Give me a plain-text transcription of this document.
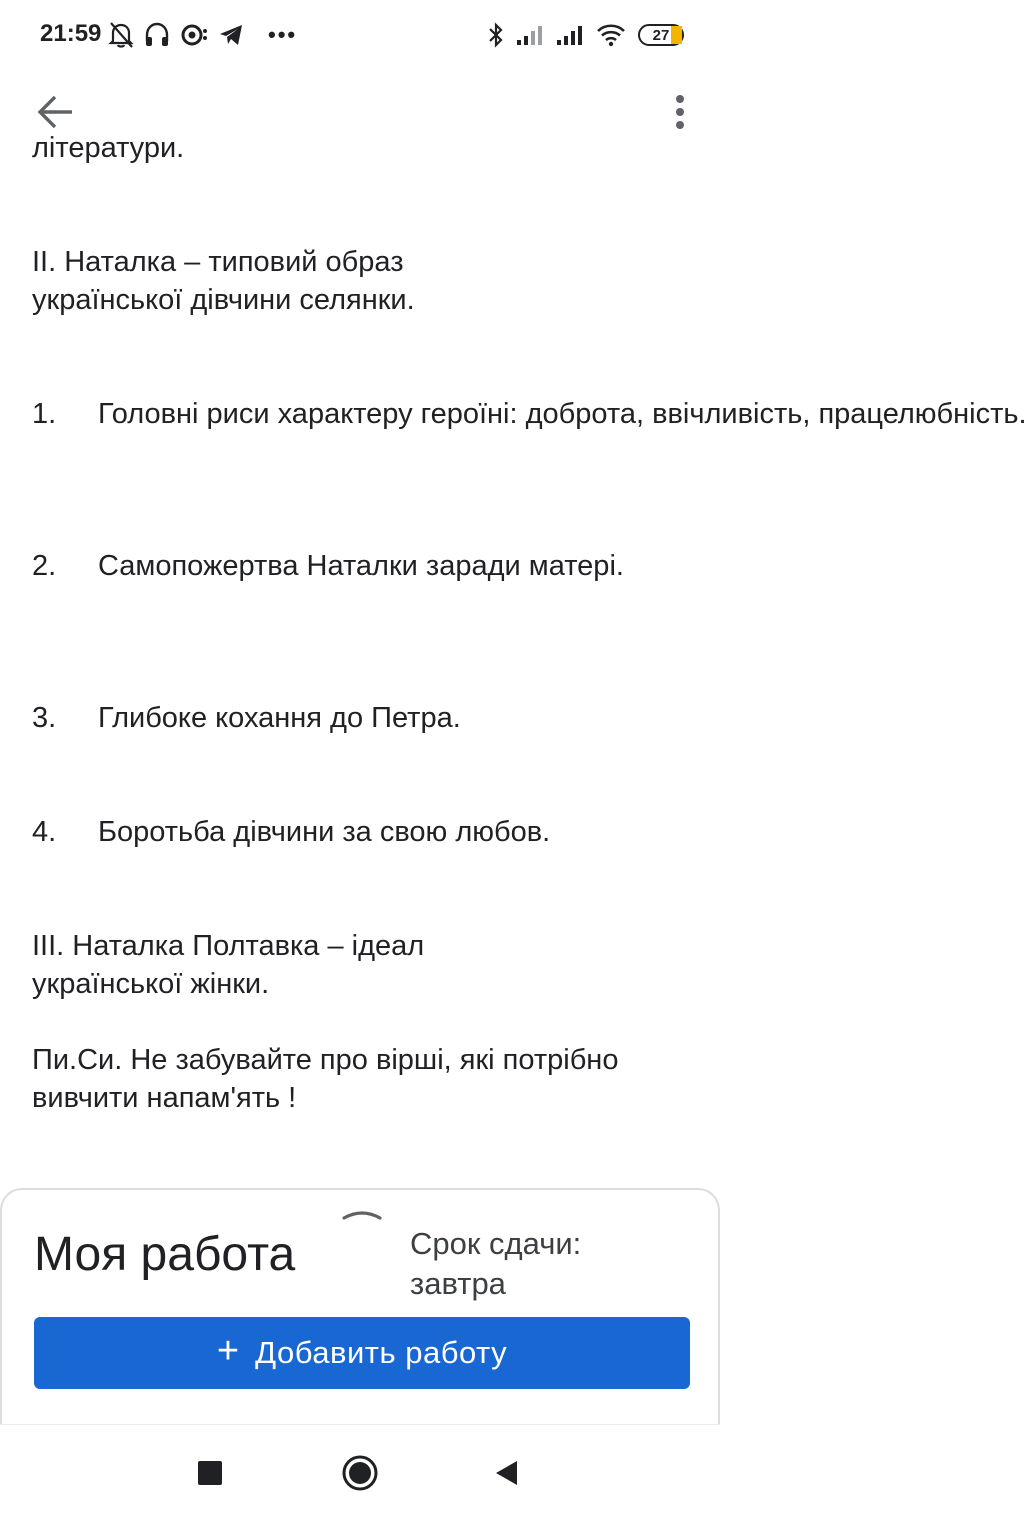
21:59	•••	27
літератури.
ІІ. Наталка – типовий образ
української дівчини селянки.
1. Головні риси характеру героїні: доброта, ввічливість, працелюбність.
2. Самопожертва Наталки заради матері.
3. Глибоке кохання до Петра.
4. Боротьба дівчини за свою любов.
ІІІ. Наталка Полтавка – ідеал
української жінки.
Пи.Си. Не забувайте про вірші, які потрібно
вивчити напам'ять !
Моя работа	Срок сдачи:
завтра
+ Добавить работу
